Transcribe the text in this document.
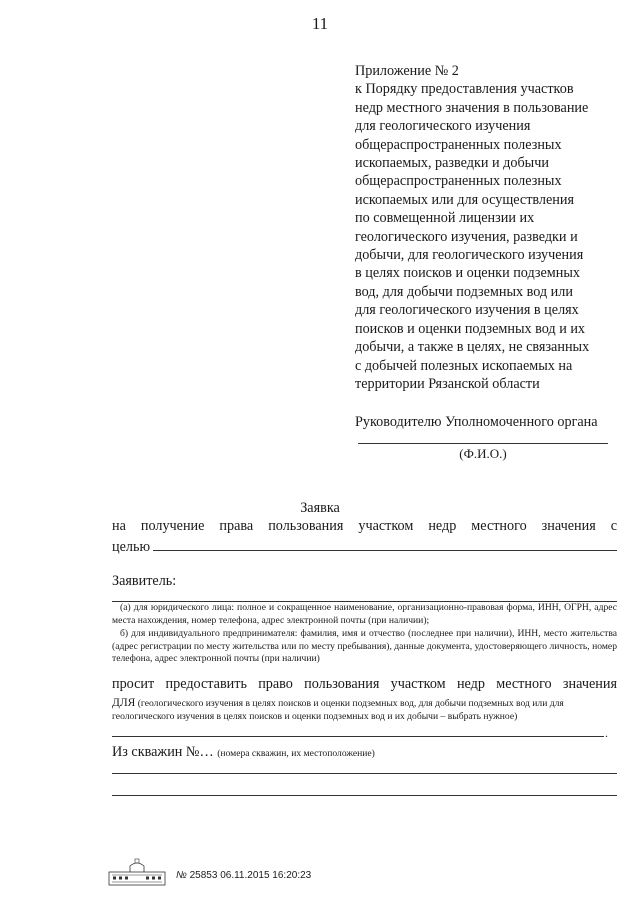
11
Приложение № 2
к Порядку предоставления участков
недр местного значения в пользование
для геологического изучения
общераспространенных полезных
ископаемых, разведки и добычи
общераспространенных полезных
ископаемых или для осуществления
по совмещенной лицензии их
геологического изучения, разведки и
добычи, для геологического изучения
в целях поисков и оценки подземных
вод, для добычи подземных вод или
для геологического изучения в целях
поисков и оценки подземных вод и их
добычи, а также в целях, не связанных
с добычей полезных ископаемых на
территории Рязанской области
Руководителю Уполномоченного органа
(Ф.И.О.)
Заявка
на получение права пользования участком недр местного значения с
целью
Заявитель:
(а) для юридического лица: полное и сокращенное наименование, организационно-правовая форма, ИНН, ОГРН, адрес места нахождения, номер телефона, адрес электронной почты (при наличии);
б) для индивидуального предпринимателя: фамилия, имя и отчество (последнее при наличии), ИНН, место жительства (адрес регистрации по месту жительства или по месту пребывания), данные документа, удостоверяющего личность, номер телефона, адрес электронной почты (при наличии)
просит предоставить право пользования участком недр местного значения
ДЛЯ (геологического изучения в целях поисков и оценки подземных вод, для добычи подземных вод или для геологического изучения в целях поисков и оценки подземных вод и их добычи – выбрать нужное)
.
Из скважин №… (номера скважин, их местоположение)
№ 25853 06.11.2015 16:20:23
